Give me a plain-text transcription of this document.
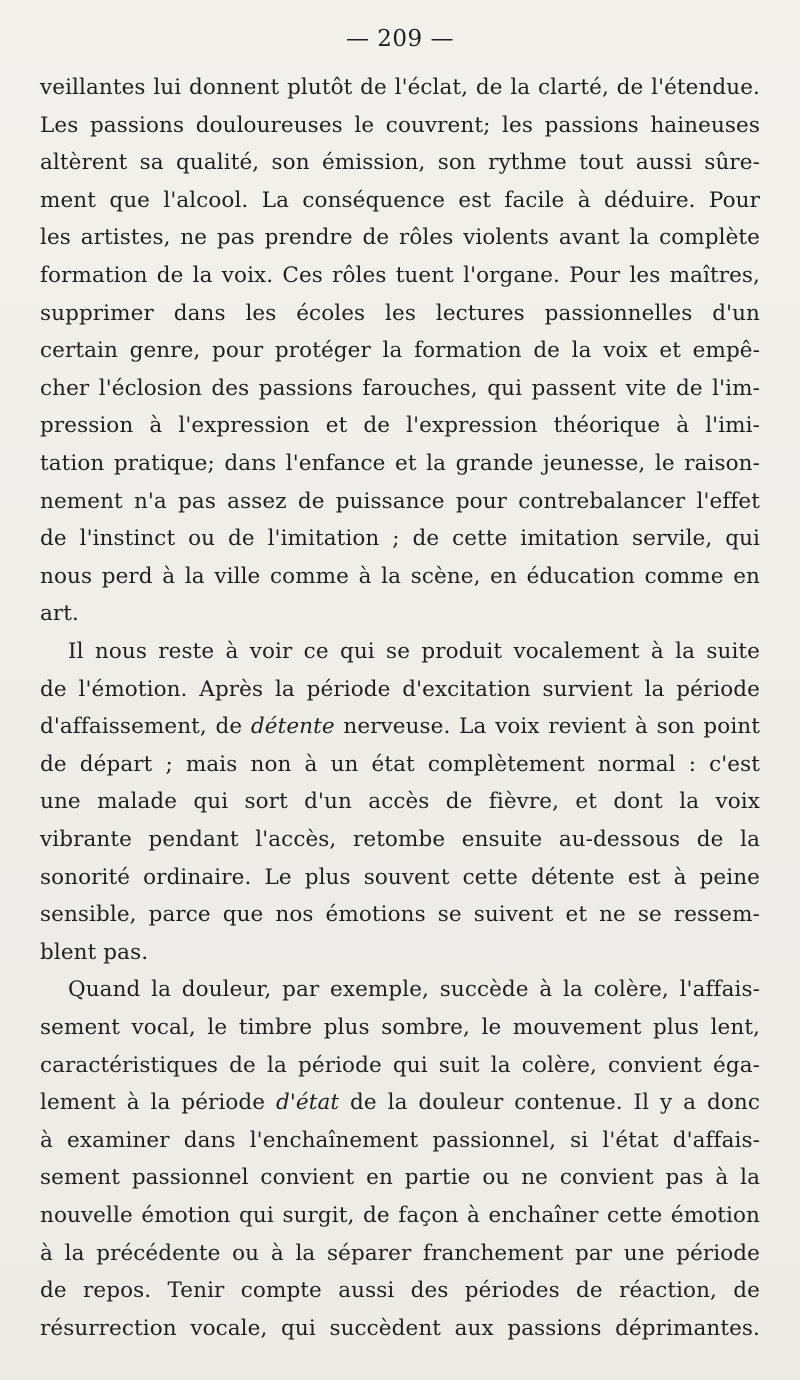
— 209 —
veillantes lui donnent plutôt de l'éclat, de la clarté, de l'étendue.
Les passions douloureuses le couvrent; les passions haineuses
altèrent sa qualité, son émission, son rythme tout aussi sûre-
ment que l'alcool. La conséquence est facile à déduire. Pour
les artistes, ne pas prendre de rôles violents avant la complète
formation de la voix. Ces rôles tuent l'organe. Pour les maîtres,
supprimer dans les écoles les lectures passionnelles d'un
certain genre, pour protéger la formation de la voix et empê-
cher l'éclosion des passions farouches, qui passent vite de l'im-
pression à l'expression et de l'expression théorique à l'imi-
tation pratique; dans l'enfance et la grande jeunesse, le raison-
nement n'a pas assez de puissance pour contrebalancer l'effet
de l'instinct ou de l'imitation ; de cette imitation servile, qui
nous perd à la ville comme à la scène, en éducation comme en
art.
Il nous reste à voir ce qui se produit vocalement à la suite
de l'émotion. Après la période d'excitation survient la période
d'affaissement, de détente nerveuse. La voix revient à son point
de départ ; mais non à un état complètement normal : c'est
une malade qui sort d'un accès de fièvre, et dont la voix
vibrante pendant l'accès, retombe ensuite au-dessous de la
sonorité ordinaire. Le plus souvent cette détente est à peine
sensible, parce que nos émotions se suivent et ne se ressem-
blent pas.
Quand la douleur, par exemple, succède à la colère, l'affais-
sement vocal, le timbre plus sombre, le mouvement plus lent,
caractéristiques de la période qui suit la colère, convient éga-
lement à la période d'état de la douleur contenue. Il y a donc
à examiner dans l'enchaînement passionnel, si l'état d'affais-
sement passionnel convient en partie ou ne convient pas à la
nouvelle émotion qui surgit, de façon à enchaîner cette émotion
à la précédente ou à la séparer franchement par une période
de repos. Tenir compte aussi des périodes de réaction, de
résurrection vocale, qui succèdent aux passions déprimantes.
